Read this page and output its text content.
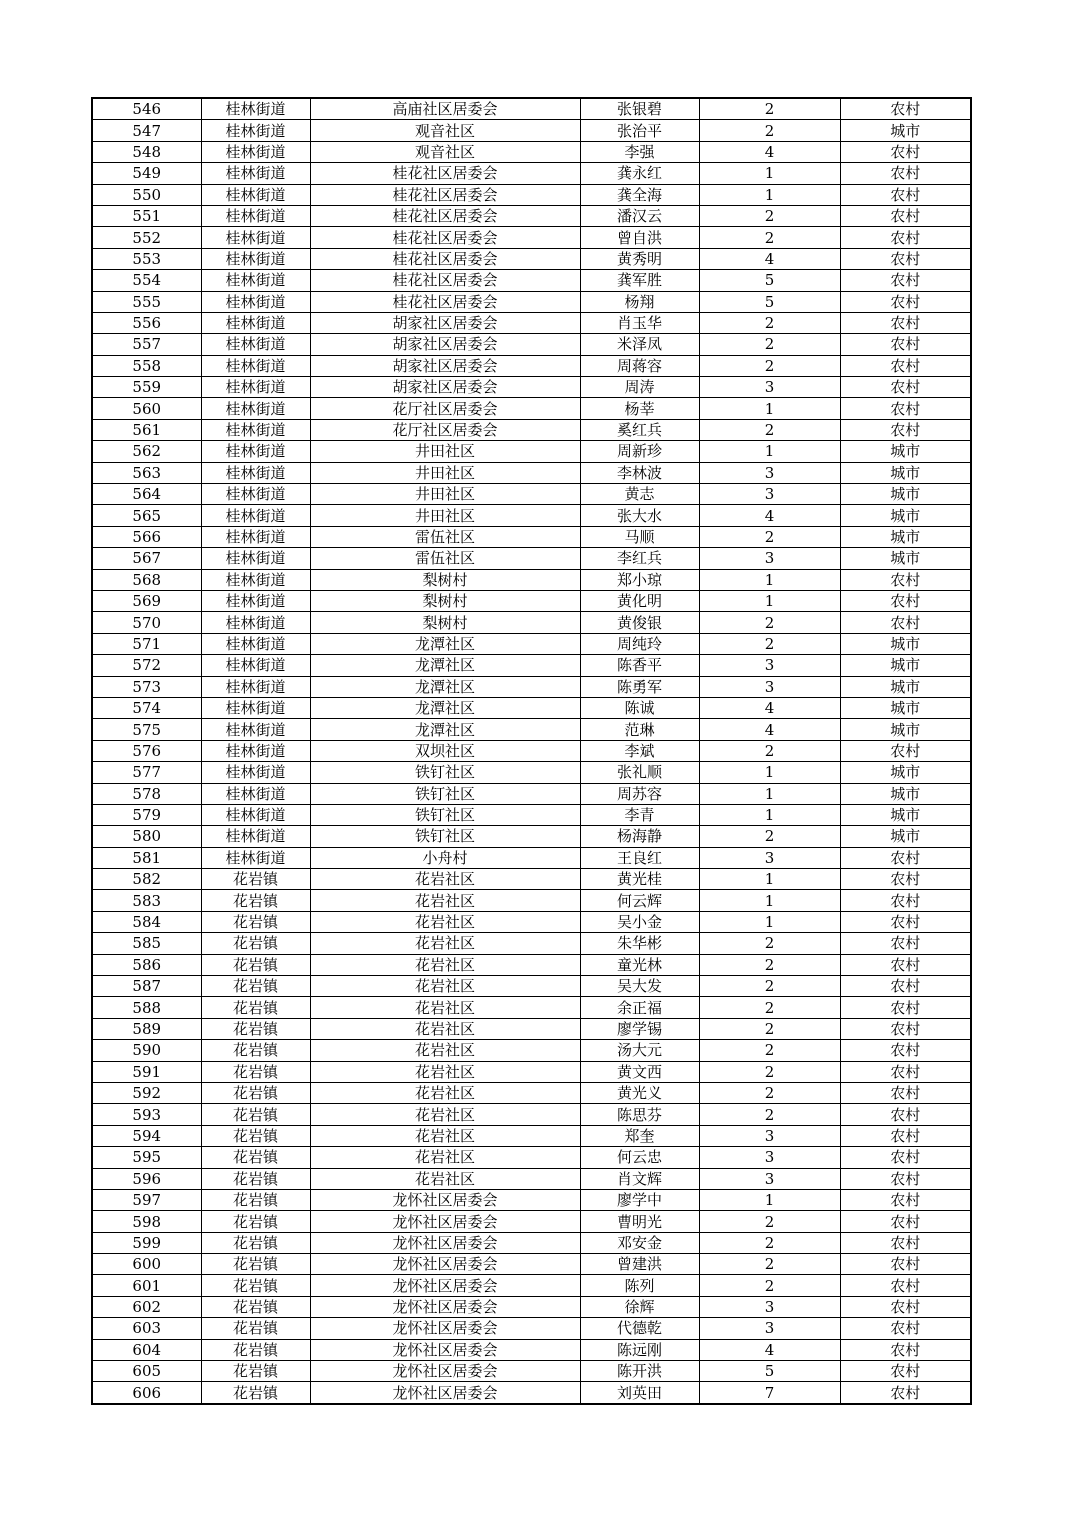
546	桂林街道	高庙社区居委会	张银碧	2	农村
547	桂林街道	观音社区	张治平	2	城市
548	桂林街道	观音社区	李强	4	农村
549	桂林街道	桂花社区居委会	龚永红	1	农村
550	桂林街道	桂花社区居委会	龚全海	1	农村
551	桂林街道	桂花社区居委会	潘汉云	2	农村
552	桂林街道	桂花社区居委会	曾自洪	2	农村
553	桂林街道	桂花社区居委会	黄秀明	4	农村
554	桂林街道	桂花社区居委会	龚军胜	5	农村
555	桂林街道	桂花社区居委会	杨翔	5	农村
556	桂林街道	胡家社区居委会	肖玉华	2	农村
557	桂林街道	胡家社区居委会	米泽凤	2	农村
558	桂林街道	胡家社区居委会	周蒋容	2	农村
559	桂林街道	胡家社区居委会	周涛	3	农村
560	桂林街道	花厅社区居委会	杨莘	1	农村
561	桂林街道	花厅社区居委会	奚红兵	2	农村
562	桂林街道	井田社区	周新珍	1	城市
563	桂林街道	井田社区	李林波	3	城市
564	桂林街道	井田社区	黄志	3	城市
565	桂林街道	井田社区	张大水	4	城市
566	桂林街道	雷伍社区	马顺	2	城市
567	桂林街道	雷伍社区	李红兵	3	城市
568	桂林街道	梨树村	郑小琼	1	农村
569	桂林街道	梨树村	黄化明	1	农村
570	桂林街道	梨树村	黄俊银	2	农村
571	桂林街道	龙潭社区	周纯玲	2	城市
572	桂林街道	龙潭社区	陈香平	3	城市
573	桂林街道	龙潭社区	陈勇军	3	城市
574	桂林街道	龙潭社区	陈诚	4	城市
575	桂林街道	龙潭社区	范琳	4	城市
576	桂林街道	双坝社区	李斌	2	农村
577	桂林街道	铁钉社区	张礼顺	1	城市
578	桂林街道	铁钉社区	周苏容	1	城市
579	桂林街道	铁钉社区	李青	1	城市
580	桂林街道	铁钉社区	杨海静	2	城市
581	桂林街道	小舟村	王良红	3	农村
582	花岩镇	花岩社区	黄光桂	1	农村
583	花岩镇	花岩社区	何云辉	1	农村
584	花岩镇	花岩社区	吴小金	1	农村
585	花岩镇	花岩社区	朱华彬	2	农村
586	花岩镇	花岩社区	童光林	2	农村
587	花岩镇	花岩社区	吴大发	2	农村
588	花岩镇	花岩社区	余正福	2	农村
589	花岩镇	花岩社区	廖学锡	2	农村
590	花岩镇	花岩社区	汤大元	2	农村
591	花岩镇	花岩社区	黄文西	2	农村
592	花岩镇	花岩社区	黄光义	2	农村
593	花岩镇	花岩社区	陈思芬	2	农村
594	花岩镇	花岩社区	郑奎	3	农村
595	花岩镇	花岩社区	何云忠	3	农村
596	花岩镇	花岩社区	肖文辉	3	农村
597	花岩镇	龙怀社区居委会	廖学中	1	农村
598	花岩镇	龙怀社区居委会	曹明光	2	农村
599	花岩镇	龙怀社区居委会	邓安金	2	农村
600	花岩镇	龙怀社区居委会	曾建洪	2	农村
601	花岩镇	龙怀社区居委会	陈列	2	农村
602	花岩镇	龙怀社区居委会	徐辉	3	农村
603	花岩镇	龙怀社区居委会	代德乾	3	农村
604	花岩镇	龙怀社区居委会	陈远刚	4	农村
605	花岩镇	龙怀社区居委会	陈开洪	5	农村
606	花岩镇	龙怀社区居委会	刘英田	7	农村
